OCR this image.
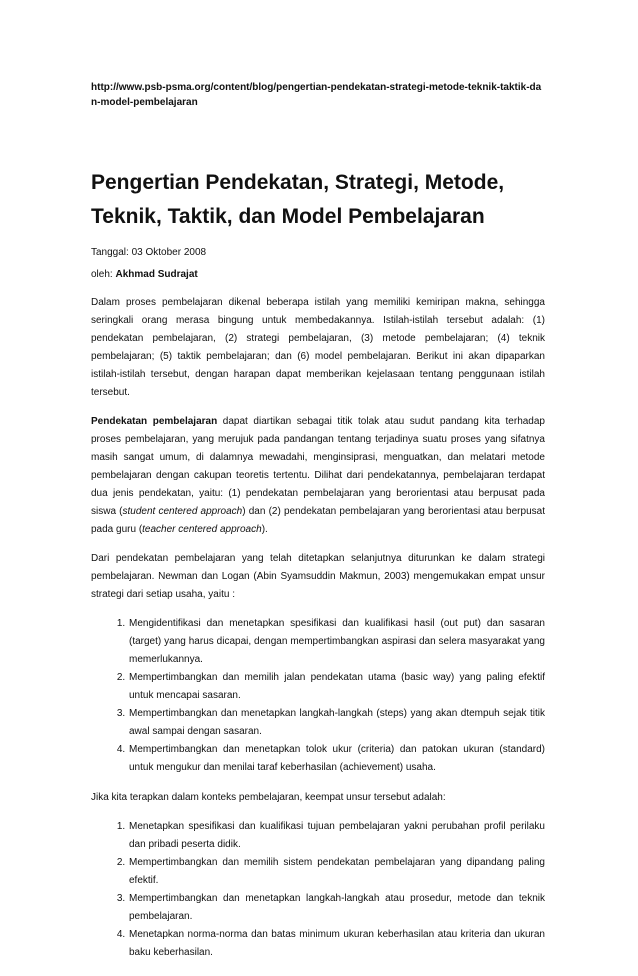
http://www.psb-psma.org/content/blog/pengertian-pendekatan-strategi-metode-teknik-taktik-dan-model-pembelajaran

Pengertian Pendekatan, Strategi, Metode, Teknik, Taktik, dan Model Pembelajaran

Tanggal: 03 Oktober 2008

oleh: Akhmad Sudrajat

Dalam proses pembelajaran dikenal beberapa istilah yang memiliki kemiripan makna, sehingga seringkali orang merasa bingung untuk membedakannya. Istilah-istilah tersebut adalah: (1) pendekatan pembelajaran, (2) strategi pembelajaran, (3) metode pembelajaran; (4) teknik pembelajaran; (5) taktik pembelajaran; dan (6) model pembelajaran. Berikut ini akan dipaparkan istilah-istilah tersebut, dengan harapan dapat memberikan kejelasaan tentang penggunaan istilah tersebut.

Pendekatan pembelajaran dapat diartikan sebagai titik tolak atau sudut pandang kita terhadap proses pembelajaran, yang merujuk pada pandangan tentang terjadinya suatu proses yang sifatnya masih sangat umum, di dalamnya mewadahi, menginsiprasi, menguatkan, dan melatari metode pembelajaran dengan cakupan teoretis tertentu. Dilihat dari pendekatannya, pembelajaran terdapat dua jenis pendekatan, yaitu: (1) pendekatan pembelajaran yang berorientasi atau berpusat pada siswa (student centered approach) dan (2) pendekatan pembelajaran yang berorientasi atau berpusat pada guru (teacher centered approach).

Dari pendekatan pembelajaran yang telah ditetapkan selanjutnya diturunkan ke dalam strategi pembelajaran. Newman dan Logan (Abin Syamsuddin Makmun, 2003) mengemukakan empat unsur strategi dari setiap usaha, yaitu :

1. Mengidentifikasi dan menetapkan spesifikasi dan kualifikasi hasil (out put) dan sasaran (target) yang harus dicapai, dengan mempertimbangkan aspirasi dan selera masyarakat yang memerlukannya.
2. Mempertimbangkan dan memilih jalan pendekatan utama (basic way) yang paling efektif untuk mencapai sasaran.
3. Mempertimbangkan dan menetapkan langkah-langkah (steps) yang akan dtempuh sejak titik awal sampai dengan sasaran.
4. Mempertimbangkan dan menetapkan tolok ukur (criteria) dan patokan ukuran (standard) untuk mengukur dan menilai taraf keberhasilan (achievement) usaha.

Jika kita terapkan dalam konteks pembelajaran, keempat unsur tersebut adalah:

1. Menetapkan spesifikasi dan kualifikasi tujuan pembelajaran yakni perubahan profil perilaku dan pribadi peserta didik.
2. Mempertimbangkan dan memilih sistem pendekatan pembelajaran yang dipandang paling efektif.
3. Mempertimbangkan dan menetapkan langkah-langkah atau prosedur, metode dan teknik pembelajaran.
4. Menetapkan norma-norma dan batas minimum ukuran keberhasilan atau kriteria dan ukuran baku keberhasilan.
